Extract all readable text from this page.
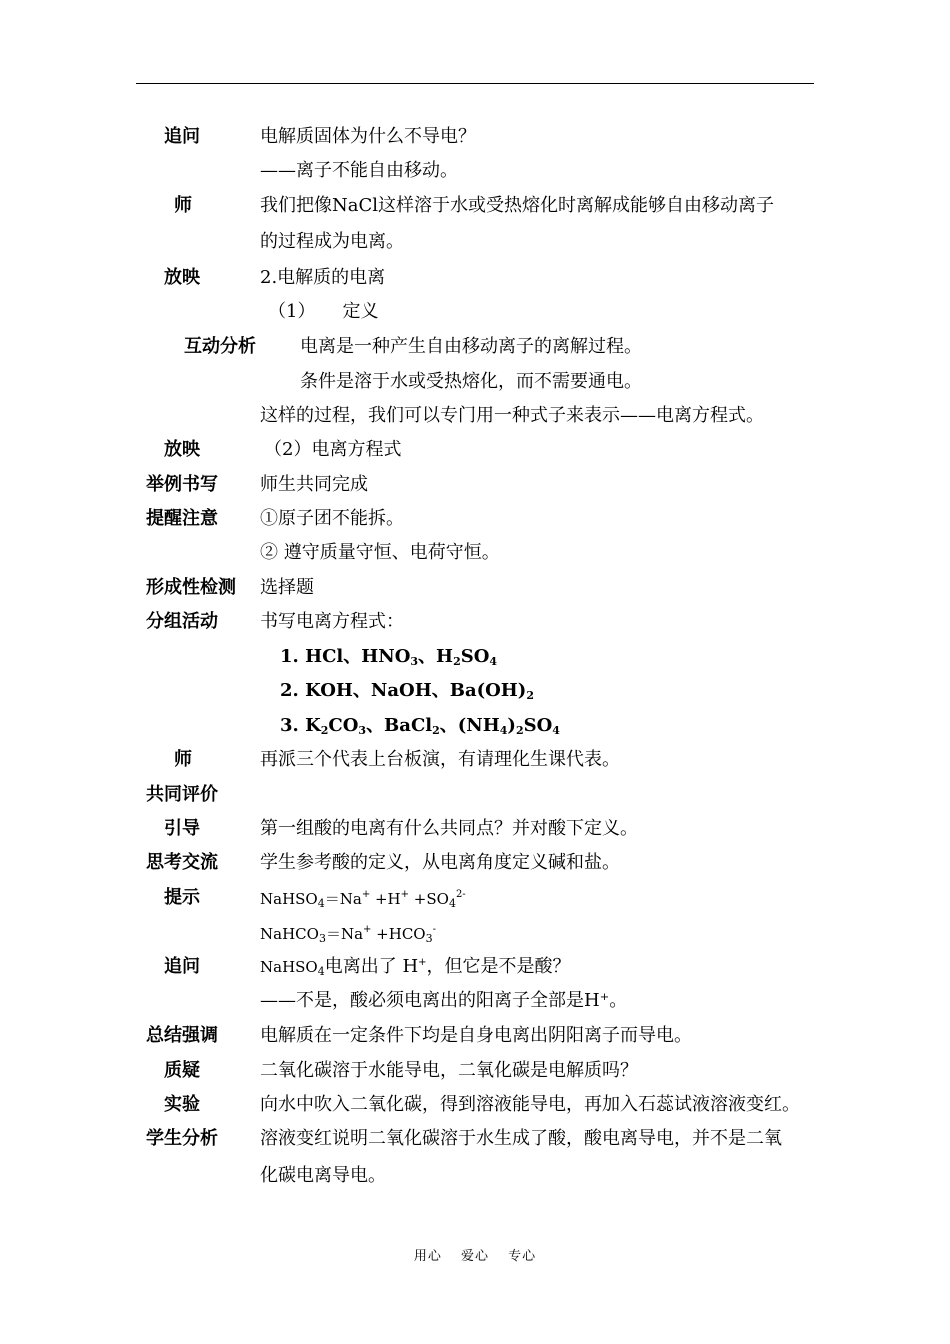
追问	电解质固体为什么不导电？
——离子不能自由移动。
师	我们把像NaCl这样溶于水或受热熔化时离解成能够自由移动离子
的过程成为电离。
放映	2.电解质的电离
（1）　　定义
互动分析 电离是一种产生自由移动离子的离解过程。
条件是溶于水或受热熔化，而不需要通电。
这样的过程，我们可以专门用一种式子来表示——电离方程式。
放映	（2）电离方程式
举例书写 师生共同完成
提醒注意 ①原子团不能拆。
② 遵守质量守恒、电荷守恒。
形成性检测 选择题
分组活动 书写电离方程式：
1. HCl、$HNO_3$、$H_2SO_4$
2. KOH、NaOH、$Ba(OH)_2$
3. $K_2CO_3$、BaCl$_2$、$(NH_4)_2SO_4$
师	再派三个代表上台板演，有请理化生课代表。
共同评价
引导	第一组酸的电离有什么共同点？并对酸下定义。
思考交流 学生参考酸的定义，从电离角度定义碱和盐。
提示	NaHSO$_4$＝Na+ $+H^+ +SO_4^{2-}$
NaHCO$_3$＝Na+ $+HCO_3^-$
追问	NaHSO$_4$电离出了 H+，但它是不是酸？
——不是，酸必须电离出的阳离子全部是H⁺。
总结强调 电解质在一定条件下均是自身电离出阴阳离子而导电。
质疑	二氧化碳溶于水能导电，二氧化碳是电解质吗？
实验	向水中吹入二氧化碳，得到溶液能导电，再加入石蕊试液溶液变红。
学生分析 溶液变红说明二氧化碳溶于水生成了酸，酸电离导电，并不是二氧
化碳电离导电。
用心　 爱心　 专心
